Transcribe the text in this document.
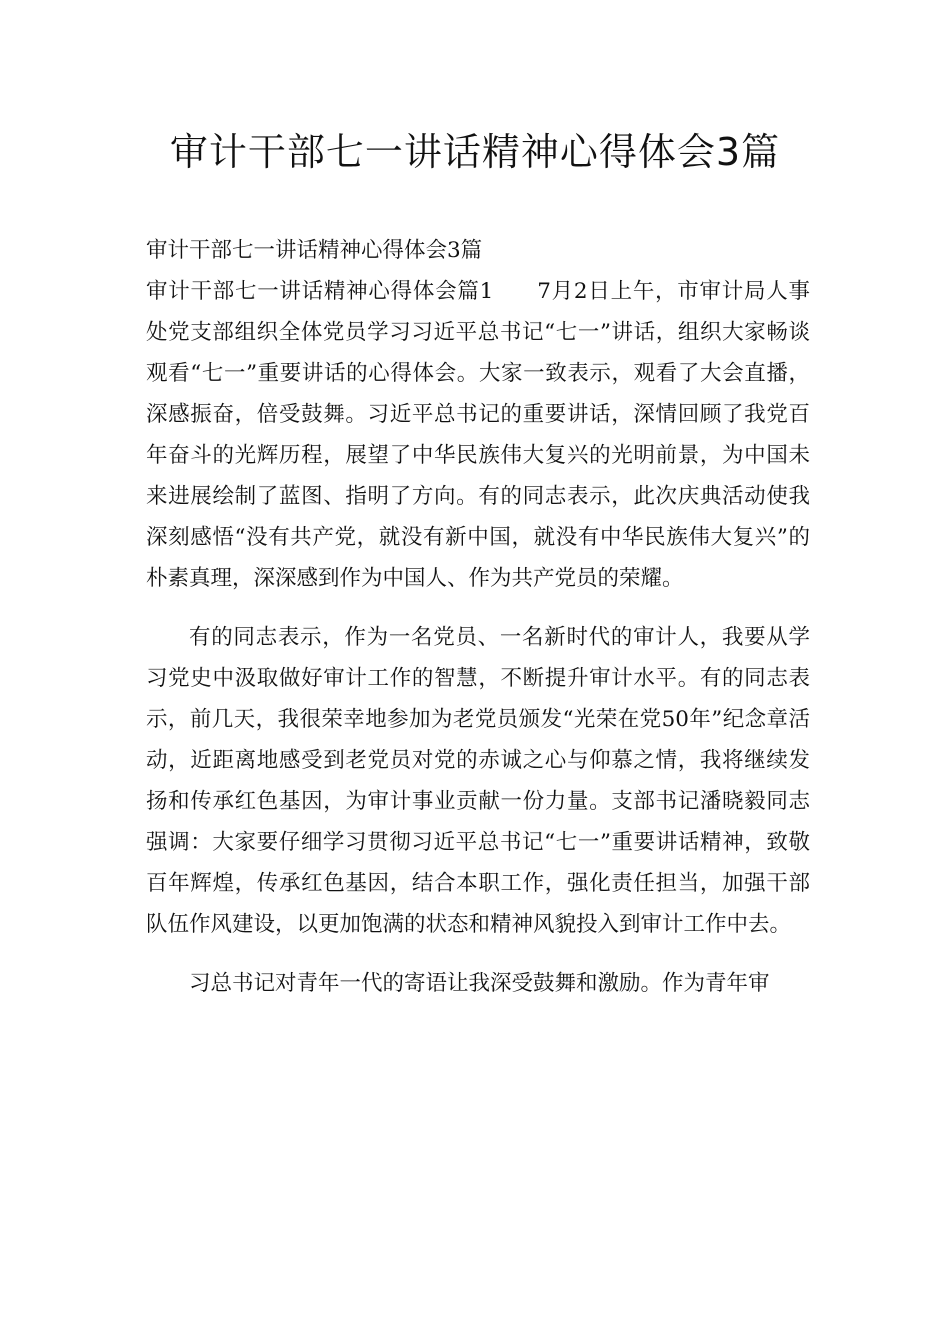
审计干部七一讲话精神心得体会3篇

审计干部七一讲话精神心得体会3篇

审计干部七一讲话精神心得体会篇1 7月2日上午，市审计局人事处党支部组织全体党员学习习近平总书记“七一”讲话，组织大家畅谈观看“七一”重要讲话的心得体会。大家一致表示，观看了大会直播，深感振奋，倍受鼓舞。习近平总书记的重要讲话，深情回顾了我党百年奋斗的光辉历程，展望了中华民族伟大复兴的光明前景，为中国未来进展绘制了蓝图、指明了方向。有的同志表示，此次庆典活动使我深刻感悟“没有共产党，就没有新中国，就没有中华民族伟大复兴”的朴素真理，深深感到作为中国人、作为共产党员的荣耀。

有的同志表示，作为一名党员、一名新时代的审计人，我要从学习党史中汲取做好审计工作的智慧，不断提升审计水平。有的同志表示，前几天，我很荣幸地参加为老党员颁发“光荣在党50年”纪念章活动，近距离地感受到老党员对党的赤诚之心与仰慕之情，我将继续发扬和传承红色基因，为审计事业贡献一份力量。支部书记潘晓毅同志强调：大家要仔细学习贯彻习近平总书记“七一”重要讲话精神，致敬百年辉煌，传承红色基因，结合本职工作，强化责任担当，加强干部队伍作风建设，以更加饱满的状态和精神风貌投入到审计工作中去。

习总书记对青年一代的寄语让我深受鼓舞和激励。作为青年审
